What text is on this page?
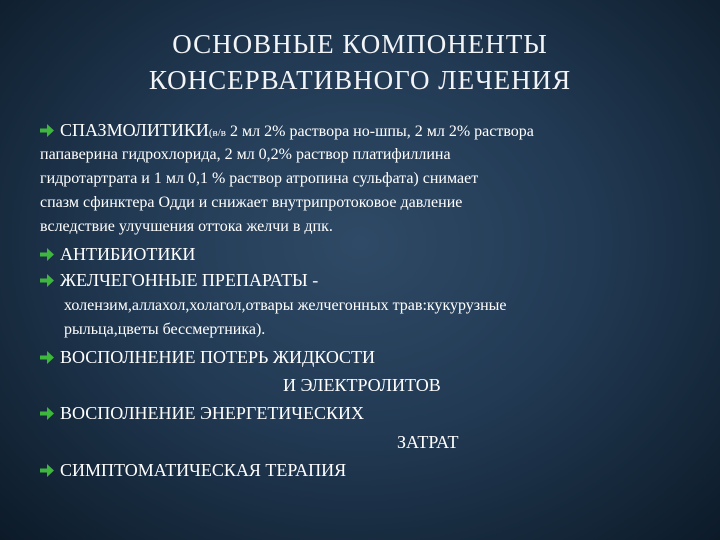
ОСНОВНЫЕ КОМПОНЕНТЫ
КОНСЕРВАТИВНОГО ЛЕЧЕНИЯ
СПАЗМОЛИТИКИ(в/в 2 мл 2% раствора но-шпы, 2 мл 2% раствора
папаверина гидрохлорида, 2 мл 0,2% раствор платифиллина
гидротартрата и 1 мл 0,1 % раствор атропина сульфата) снимает
спазм сфинктера Одди и снижает внутрипротоковое давление
вследствие улучшения оттока желчи в дпк.
АНТИБИОТИКИ
ЖЕЛЧЕГОННЫЕ ПРЕПАРАТЫ -
холензим,аллахол,холагол,отвары желчегонных трав:кукурузные
рыльца,цветы бессмертника).
ВОСПОЛНЕНИЕ ПОТЕРЬ ЖИДКОСТИ
И ЭЛЕКТРОЛИТОВ
ВОСПОЛНЕНИЕ ЭНЕРГЕТИЧЕСКИХ
ЗАТРАТ
СИМПТОМАТИЧЕСКАЯ ТЕРАПИЯ
